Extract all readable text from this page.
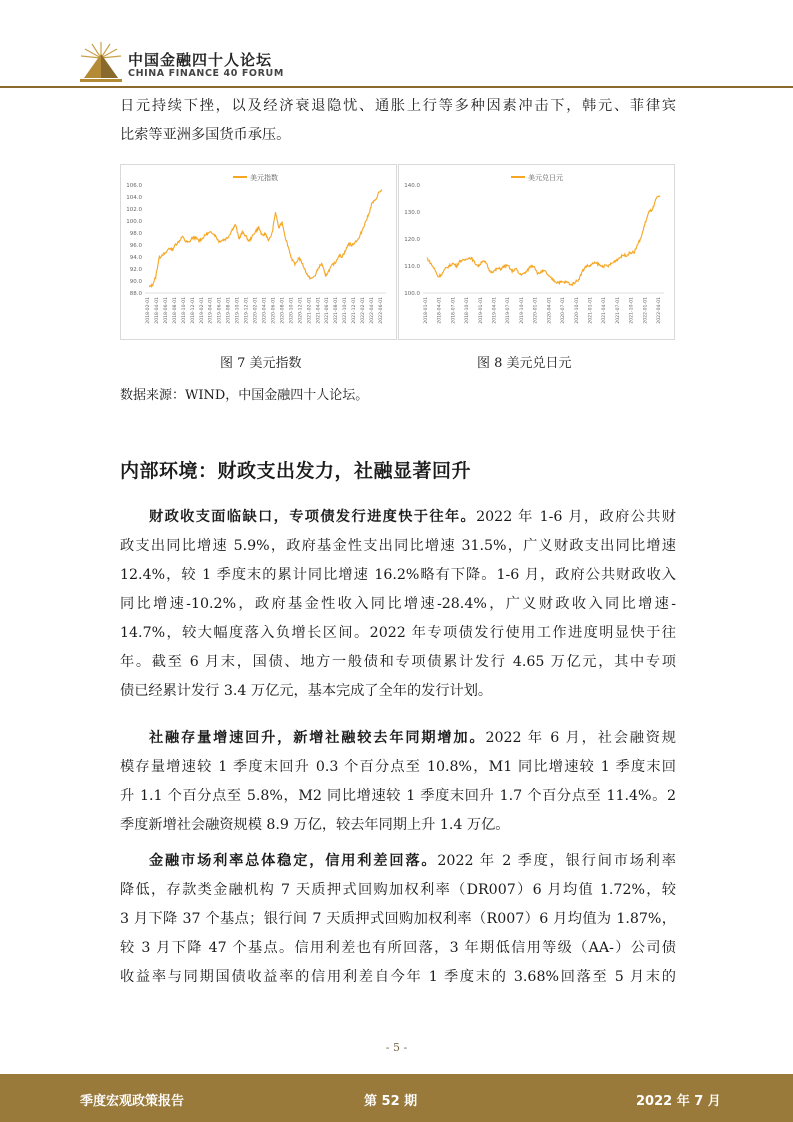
中国金融四十人论坛
CHINA FINANCE 40 FORUM

日元持续下挫，以及经济衰退隐忧、通胀上行等多种因素冲击下，韩元、菲律宾

比索等亚洲多国货币承压。

美元指数
106.0
104.0
102.0
100.0
98.0
96.0
94.0
92.0
90.0
88.0
2018-02-01 2018-04-01 2018-06-01 2018-08-01 2018-10-01 2018-12-01 2019-02-01 2019-04-01 2019-06-01 2019-08-01 2019-10-01 2019-12-01 2020-02-01 2020-04-01 2020-06-01 2020-08-01 2020-10-01 2020-12-01 2021-02-01 2021-04-01 2021-06-01 2021-08-01 2021-10-01 2021-12-01 2022-02-01 2022-04-01 2022-06-01
美元兑日元
140.0
130.0
120.0
110.0
100.0
2018-01-01 2018-04-01 2018-07-01 2018-10-01 2019-01-01 2019-04-01 2019-07-01 2019-10-01 2020-01-01 2020-04-01 2020-07-01 2020-10-01 2021-01-01 2021-04-01 2021-07-01 2021-10-01 2022-01-01 2022-04-01
图 7 美元指数	图 8 美元兑日元
数据来源：WIND，中国金融四十人论坛。
内部环境：财政支出发力，社融显著回升

财政收支面临缺口，专项债发行进度快于往年。2022 年 1-6 月，政府公共财

政支出同比增速 5.9%，政府基金性支出同比增速 31.5%，广义财政支出同比增速

12.4%，较 1 季度末的累计同比增速 16.2%略有下降。1-6 月，政府公共财政收入

同比增速-10.2%，政府基金性收入同比增速-28.4%，广义财政收入同比增速-

14.7%，较大幅度落入负增长区间。2022 年专项债发行使用工作进度明显快于往

年。截至 6 月末，国债、地方一般债和专项债累计发行 4.65 万亿元，其中专项

债已经累计发行 3.4 万亿元，基本完成了全年的发行计划。

社融存量增速回升，新增社融较去年同期增加。2022 年 6 月，社会融资规

模存量增速较 1 季度末回升 0.3 个百分点至 10.8%，M1 同比增速较 1 季度末回

升 1.1 个百分点至 5.8%，M2 同比增速较 1 季度末回升 1.7 个百分点至 11.4%。2

季度新增社会融资规模 8.9 万亿，较去年同期上升 1.4 万亿。

金融市场利率总体稳定，信用利差回落。2022 年 2 季度，银行间市场利率

降低，存款类金融机构 7 天质押式回购加权利率（DR007）6 月均值 1.72%，较

3 月下降 37 个基点；银行间 7 天质押式回购加权利率（R007）6 月均值为 1.87%，

较 3 月下降 47 个基点。信用利差也有所回落，3 年期低信用等级（AA-）公司债

收益率与同期国债收益率的信用利差自今年 1 季度末的 3.68%回落至 5 月末的

- 5 -
季度宏观政策报告	第 52 期	2022 年 7 月
